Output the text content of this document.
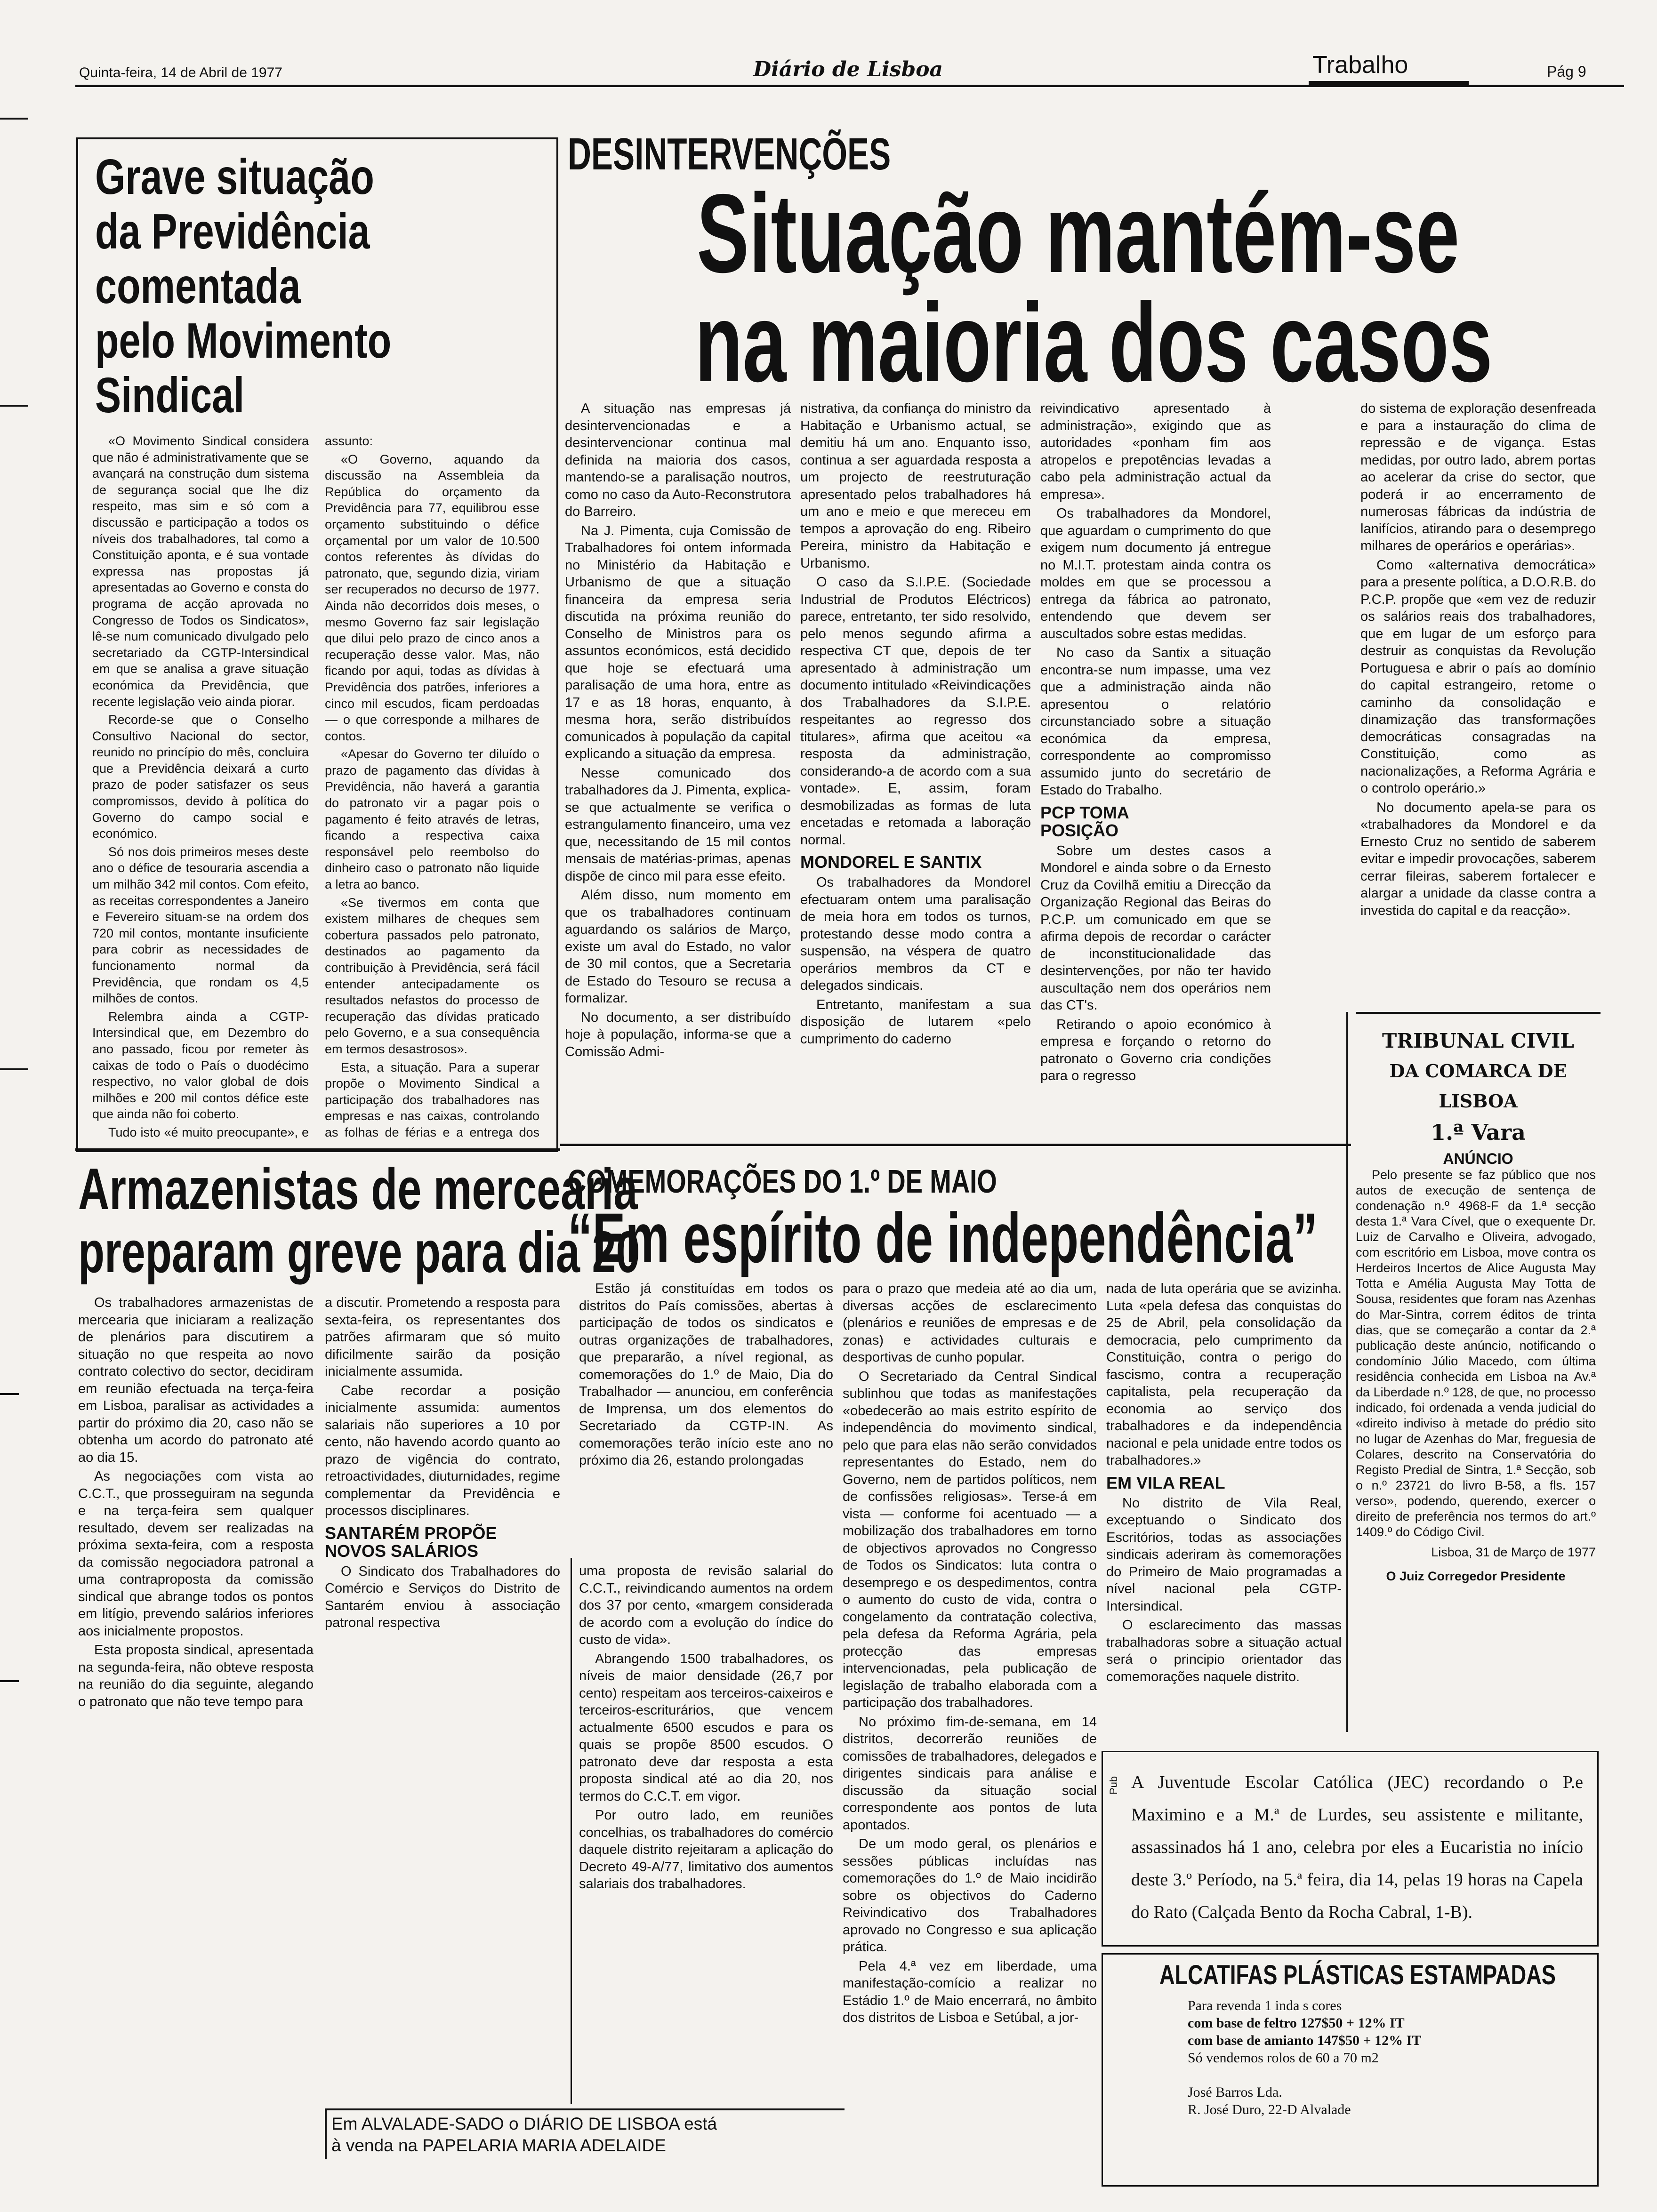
Quinta-feira, 14 de Abril de 1977	Diário de Lisboa	Trabalho	Pág 9
Grave situação
da Previdência
comentada
pelo Movimento
Sindical

«O Movimento Sindical considera que não é administrativamente que se avançará na construção dum sistema de segurança social que lhe diz respeito, mas sim e só com a discussão e participação a todos os níveis dos trabalhadores, tal como a Constituição aponta, e é sua vontade expressa nas propostas já apresentadas ao Governo e consta do programa de acção aprovada no Congresso de Todos os Sindicatos», lê-se num comunicado divulgado pelo secretariado da CGTP-Intersindical em que se analisa a grave situação económica da Previdência, que recente legislação veio ainda piorar.

Recorde-se que o Conselho Consultivo Nacional do sector, reunido no princípio do mês, concluira que a Previdência deixará a curto prazo de poder satisfazer os seus compromissos, devido à política do Governo do campo social e económico.

Só nos dois primeiros meses deste ano o défice de tesouraria ascendia a um milhão 342 mil contos. Com efeito, as receitas correspondentes a Janeiro e Fevereiro situam-se na ordem dos 720 mil contos, montante insuficiente para cobrir as necessidades de funcionamento normal da Previdência, que rondam os 4,5 milhões de contos.

Relembra ainda a CGTP-Intersindical que, em Dezembro do ano passado, ficou por remeter às caixas de todo o País o duodécimo respectivo, no valor global de dois milhões e 200 mil contos défice este que ainda não foi coberto.

Tudo isto «é muito preocupante», e

assunto:

«O Governo, aquando da discussão na Assembleia da República do orçamento da Previdência para 77, equilibrou esse orçamento substituindo o défice orçamental por um valor de 10.500 contos referentes às dívidas do patronato, que, segundo dizia, viriam ser recuperados no decurso de 1977. Ainda não decorridos dois meses, o mesmo Governo faz sair legislação que dilui pelo prazo de cinco anos a recuperação desse valor. Mas, não ficando por aqui, todas as dívidas à Previdência dos patrões, inferiores a cinco mil escudos, ficam perdoadas — o que corresponde a milhares de contos.

«Apesar do Governo ter diluído o prazo de pagamento das dívidas à Previdência, não haverá a garantia do patronato vir a pagar pois o pagamento é feito através de letras, ficando a respectiva caixa responsável pelo reembolso do dinheiro caso o patronato não liquide a letra ao banco.

«Se tivermos em conta que existem milhares de cheques sem cobertura passados pelo patronato, destinados ao pagamento da contribuição à Previdência, será fácil entender antecipadamente os resultados nefastos do processo de recuperação das dívidas praticado pelo Governo, e a sua consequência em termos desastrosos».

Esta, a situação. Para a superar propõe o Movimento Sindical a participação dos trabalhadores nas empresas e nas caixas, controlando as folhas de férias e a entrega dos

DESINTERVENÇÕES
Situação mantém-se
na maioria dos casos

A situação nas empresas já desintervencionadas e a desintervencionar continua mal definida na maioria dos casos, mantendo-se a paralisação noutros, como no caso da Auto-Reconstrutora do Barreiro.

Na J. Pimenta, cuja Comissão de Trabalhadores foi ontem informada no Ministério da Habitação e Urbanismo de que a situação financeira da empresa seria discutida na próxima reunião do Conselho de Ministros para os assuntos económicos, está decidido que hoje se efectuará uma paralisação de uma hora, entre as 17 e as 18 horas, enquanto, à mesma hora, serão distribuídos comunicados à população da capital explicando a situação da empresa.

Nesse comunicado dos trabalhadores da J. Pimenta, explica-se que actualmente se verifica o estrangulamento financeiro, uma vez que, necessitando de 15 mil contos mensais de matérias-primas, apenas dispõe de cinco mil para esse efeito.

Além disso, num momento em que os trabalhadores continuam aguardando os salários de Março, existe um aval do Estado, no valor de 30 mil contos, que a Secretaria de Estado do Tesouro se recusa a formalizar.

No documento, a ser distribuído hoje à população, informa-se que a Comissão Admi-

nistrativa, da confiança do ministro da Habitação e Urbanismo actual, se demitiu há um ano. Enquanto isso, continua a ser aguardada resposta a um projecto de reestruturação apresentado pelos trabalhadores há um ano e meio e que mereceu em tempos a aprovação do eng. Ribeiro Pereira, ministro da Habitação e Urbanismo.

O caso da S.I.P.E. (Sociedade Industrial de Produtos Eléctricos) parece, entretanto, ter sido resolvido, pelo menos segundo afirma a respectiva CT que, depois de ter apresentado à administração um documento intitulado «Reivindicações dos Trabalhadores da S.I.P.E. respeitantes ao regresso dos titulares», afirma que aceitou «a resposta da administração, considerando-a de acordo com a sua vontade». E, assim, foram desmobilizadas as formas de luta encetadas e retomada a laboração normal.

MONDOREL E SANTIX

Os trabalhadores da Mondorel efectuaram ontem uma paralisação de meia hora em todos os turnos, protestando desse modo contra a suspensão, na véspera de quatro operários membros da CT e delegados sindicais.

Entretanto, manifestam a sua disposição de lutarem «pelo cumprimento do caderno

reivindicativo apresentado à administração», exigindo que as autoridades «ponham fim aos atropelos e prepotências levadas a cabo pela administração actual da empresa».

Os trabalhadores da Mondorel, que aguardam o cumprimento do que exigem num documento já entregue no M.I.T. protestam ainda contra os moldes em que se processou a entrega da fábrica ao patronato, entendendo que devem ser auscultados sobre estas medidas.

No caso da Santix a situação encontra-se num impasse, uma vez que a administração ainda não apresentou o relatório circunstanciado sobre a situação económica da empresa, correspondente ao compromisso assumido junto do secretário de Estado do Trabalho.

PCP TOMA
POSIÇÃO

Sobre um destes casos a Mondorel e ainda sobre o da Ernesto Cruz da Covilhã emitiu a Direcção da Organização Regional das Beiras do P.C.P. um comunicado em que se afirma depois de recordar o carácter de inconstitucionalidade das desintervenções, por não ter havido auscultação nem dos operários nem das CT's.

Retirando o apoio económico à empresa e forçando o retorno do patronato o Governo cria condições para o regresso

do sistema de exploração desenfreada e para a instauração do clima de repressão e de vigança. Estas medidas, por outro lado, abrem portas ao acelerar da crise do sector, que poderá ir ao encerramento de numerosas fábricas da indústria de lanifícios, atirando para o desemprego milhares de operários e operárias».

Como «alternativa democrática» para a presente política, a D.O.R.B. do P.C.P. propõe que «em vez de reduzir os salários reais dos trabalhadores, que em lugar de um esforço para destruir as conquistas da Revolução Portuguesa e abrir o país ao domínio do capital estrangeiro, retome o caminho da consolidação e dinamização das transformações democráticas consagradas na Constituição, como as nacionalizações, a Reforma Agrária e o controlo operário.»

No documento apela-se para os «trabalhadores da Mondorel e da Ernesto Cruz no sentido de saberem evitar e impedir provocações, saberem cerrar fileiras, saberem fortalecer e alargar a unidade da classe contra a investida do capital e da reacção».

TRIBUNAL CIVIL
DA COMARCA DE LISBOA
1.ª Vara
ANÚNCIO

Pelo presente se faz público que nos autos de execução de sentença de condenação n.º 4968-F da 1.ª secção desta 1.ª Vara Cível, que o exequente Dr. Luiz de Carvalho e Oliveira, advogado, com escritório em Lisboa, move contra os Herdeiros Incertos de Alice Augusta May Totta e Amélia Augusta May Totta de Sousa, residentes que foram nas Azenhas do Mar-Sintra, correm éditos de trinta dias, que se começarão a contar da 2.ª publicação deste anúncio, notificando o condomínio Júlio Macedo, com última residência conhecida em Lisboa na Av.ª da Liberdade n.º 128, de que, no processo indicado, foi ordenada a venda judicial do «direito indiviso à metade do prédio sito no lugar de Azenhas do Mar, freguesia de Colares, descrito na Conservatória do Registo Predial de Sintra, 1.ª Secção, sob o n.º 23721 do livro B-58, a fls. 157 verso», podendo, querendo, exercer o direito de preferência nos termos do art.º 1409.º do Código Civil.

Lisboa, 31 de Março de 1977

O Juiz Corregedor Presidente

COMEMORAÇÕES DO 1.º DE MAIO
“Em espírito de independência”

Estão já constituídas em todos os distritos do País comissões, abertas à participação de todos os sindicatos e outras organizações de trabalhadores, que prepararão, a nível regional, as comemorações do 1.º de Maio, Dia do Trabalhador — anunciou, em conferência de Imprensa, um dos elementos do Secretariado da CGTP-IN. As comemorações terão início este ano no próximo dia 26, estando prolongadas

para o prazo que medeia até ao dia um, diversas acções de esclarecimento (plenários e reuniões de empresas e de zonas) e actividades culturais e desportivas de cunho popular.

O Secretariado da Central Sindical sublinhou que todas as manifestações «obedecerão ao mais estrito espírito de independência do movimento sindical, pelo que para elas não serão convidados representantes do Estado, nem do Governo, nem de partidos políticos, nem de confissões religiosas». Terse-á em vista — conforme foi acentuado — a mobilização dos trabalhadores em torno de objectivos aprovados no Congresso de Todos os Sindicatos: luta contra o desemprego e os despedimentos, contra o aumento do custo de vida, contra o congelamento da contratação colectiva, pela defesa da Reforma Agrária, pela protecção das empresas intervencionadas, pela publicação de legislação de trabalho elaborada com a participação dos trabalhadores.

No próximo fim-de-semana, em 14 distritos, decorrerão reuniões de comissões de trabalhadores, delegados e dirigentes sindicais para análise e discussão da situação social correspondente aos pontos de luta apontados.

De um modo geral, os plenários e sessões públicas incluídas nas comemorações do 1.º de Maio incidirão sobre os objectivos do Caderno Reivindicativo dos Trabalhadores aprovado no Congresso e sua aplicação prática.

Pela 4.ª vez em liberdade, uma manifestação-comício a realizar no Estádio 1.º de Maio encerrará, no âmbito dos distritos de Lisboa e Setúbal, a jor-

nada de luta operária que se avizinha. Luta «pela defesa das conquistas do 25 de Abril, pela consolidação da democracia, pelo cumprimento da Constituição, contra o perigo do fascismo, contra a recuperação capitalista, pela recuperação da economia ao serviço dos trabalhadores e da independência nacional e pela unidade entre todos os trabalhadores.»

EM VILA REAL

No distrito de Vila Real, exceptuando o Sindicato dos Escritórios, todas as associações sindicais aderiram às comemorações do Primeiro de Maio programadas a nível nacional pela CGTP-Intersindical.

O esclarecimento das massas trabalhadoras sobre a situação actual será o principio orientador das comemorações naquele distrito.

Armazenistas de mercearia
preparam greve para dia 20

Os trabalhadores armazenistas de mercearia que iniciaram a realização de plenários para discutirem a situação no que respeita ao novo contrato colectivo do sector, decidiram em reunião efectuada na terça-feira em Lisboa, paralisar as actividades a partir do próximo dia 20, caso não se obtenha um acordo do patronato até ao dia 15.

As negociações com vista ao C.C.T., que prosseguiram na segunda e na terça-feira sem qualquer resultado, devem ser realizadas na próxima sexta-feira, com a resposta da comissão negociadora patronal a uma contraproposta da comissão sindical que abrange todos os pontos em litígio, prevendo salários inferiores aos inicialmente propostos.

Esta proposta sindical, apresentada na segunda-feira, não obteve resposta na reunião do dia seguinte, alegando o patronato que não teve tempo para

a discutir. Prometendo a resposta para sexta-feira, os representantes dos patrões afirmaram que só muito dificilmente sairão da posição inicialmente assumida.

Cabe recordar a posição inicialmente assumida: aumentos salariais não superiores a 10 por cento, não havendo acordo quanto ao prazo de vigência do contrato, retroactividades, diuturnidades, regime complementar da Previdência e processos disciplinares.

SANTARÉM PROPÕE
NOVOS SALÁRIOS

O Sindicato dos Trabalhadores do Comércio e Serviços do Distrito de Santarém enviou à associação patronal respectiva

uma proposta de revisão salarial do C.C.T., reivindicando aumentos na ordem dos 37 por cento, «margem considerada de acordo com a evolução do índice do custo de vida».

Abrangendo 1500 trabalhadores, os níveis de maior densidade (26,7 por cento) respeitam aos terceiros-caixeiros e terceiros-escriturários, que vencem actualmente 6500 escudos e para os quais se propõe 8500 escudos. O patronato deve dar resposta a esta proposta sindical até ao dia 20, nos termos do C.C.T. em vigor.

Por outro lado, em reuniões concelhias, os trabalhadores do comércio daquele distrito rejeitaram a aplicação do Decreto 49-A/77, limitativo dos aumentos salariais dos trabalhadores.

Em ALVALADE-SADO o DIÁRIO DE LISBOA está
à venda na PAPELARIA MARIA ADELAIDE
Pub A Juventude Escolar Católica (JEC) recordando o P.e Maximino e a M.ª de Lurdes, seu assistente e militante, assassinados há 1 ano, celebra por eles a Eucaristia no início deste 3.º Período, na 5.ª feira, dia 14, pelas 19 horas na Capela do Rato (Calçada Bento da Rocha Cabral, 1-B).
ALCATIFAS PLÁSTICAS ESTAMPADAS
Para revenda 1 inda s cores
com base de feltro 127$50 + 12% IT
com base de amianto 147$50 + 12% IT
Só vendemos rolos de 60 a 70 m2
José Barros Lda.
R. José Duro, 22-D Alvalade
